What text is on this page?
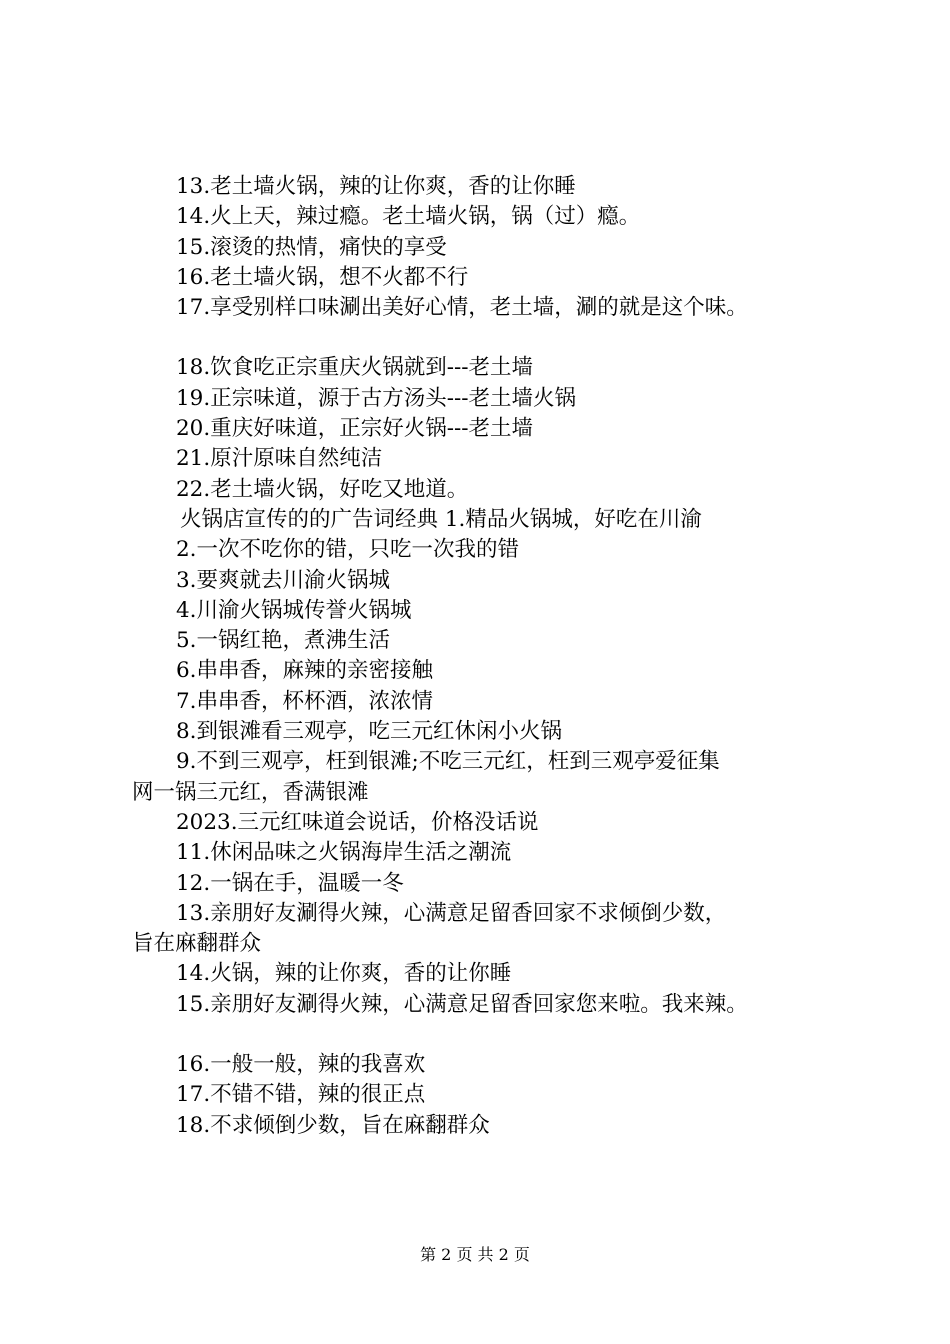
13.老土墙火锅，辣的让你爽，香的让你睡
14.火上天，辣过瘾。老土墙火锅，锅（过）瘾。
15.滚烫的热情，痛快的享受
16.老土墙火锅，想不火都不行
17.享受别样口味涮出美好心情，老土墙，涮的就是这个味。
18.饮食吃正宗重庆火锅就到---老土墙
19.正宗味道，源于古方汤头---老土墙火锅
20.重庆好味道，正宗好火锅---老土墙
21.原汁原味自然纯洁
22.老土墙火锅，好吃又地道。
火锅店宣传的的广告词经典 1.精品火锅城，好吃在川渝
2.一次不吃你的错，只吃一次我的错
3.要爽就去川渝火锅城
4.川渝火锅城传誉火锅城
5.一锅红艳，煮沸生活
6.串串香，麻辣的亲密接触
7.串串香，杯杯酒，浓浓情
8.到银滩看三观亭，吃三元红休闲小火锅
9.不到三观亭，枉到银滩;不吃三元红，枉到三观亭爱征集
网一锅三元红，香满银滩
2023.三元红味道会说话，价格没话说
11.休闲品味之火锅海岸生活之潮流
12.一锅在手，温暖一冬
13.亲朋好友涮得火辣，心满意足留香回家不求倾倒少数，
旨在麻翻群众
14.火锅，辣的让你爽，香的让你睡
15.亲朋好友涮得火辣，心满意足留香回家您来啦。我来辣。
16.一般一般，辣的我喜欢
17.不错不错，辣的很正点
18.不求倾倒少数，旨在麻翻群众
第 2 页 共 2 页
